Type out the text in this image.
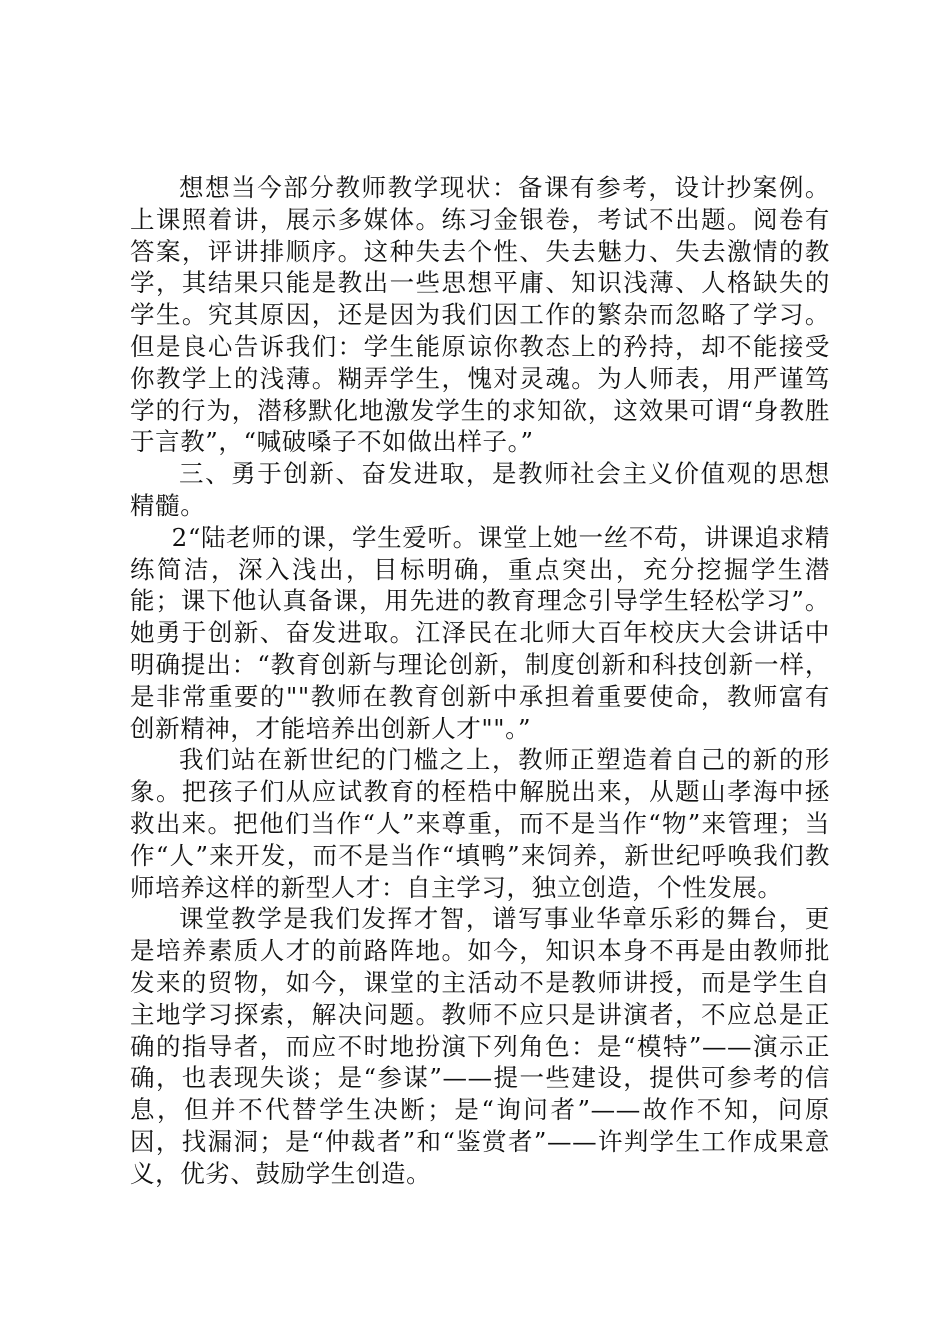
想想当今部分教师教学现状：备课有参考，设计抄案例。上课照着讲，展示多媒体。练习金银卷，考试不出题。阅卷有答案，评讲排顺序。这种失去个性、失去魅力、失去激情的教学，其结果只能是教出一些思想平庸、知识浅薄、人格缺失的学生。究其原因，还是因为我们因工作的繁杂而忽略了学习。但是良心告诉我们：学生能原谅你教态上的矜持，却不能接受你教学上的浅薄。糊弄学生，愧对灵魂。为人师表，用严谨笃学的行为，潜移默化地激发学生的求知欲，这效果可谓“身教胜于言教”，“喊破嗓子不如做出样子。”

三、勇于创新、奋发进取，是教师社会主义价值观的思想精髓。

2“陆老师的课，学生爱听。课堂上她一丝不苟，讲课追求精练简洁，深入浅出，目标明确，重点突出，充分挖掘学生潜能；课下他认真备课，用先进的教育理念引导学生轻松学习”。她勇于创新、奋发进取。江泽民在北师大百年校庆大会讲话中明确提出：“教育创新与理论创新，制度创新和科技创新一样，是非常重要的""教师在教育创新中承担着重要使命，教师富有创新精神，才能培养出创新人才""。”

我们站在新世纪的门槛之上，教师正塑造着自己的新的形象。把孩子们从应试教育的桎梏中解脱出来，从题山孝海中拯救出来。把他们当作“人”来尊重，而不是当作“物”来管理；当作“人”来开发，而不是当作“填鸭”来饲养，新世纪呼唤我们教师培养这样的新型人才：自主学习，独立创造，个性发展。

课堂教学是我们发挥才智，谱写事业华章乐彩的舞台，更是培养素质人才的前路阵地。如今，知识本身不再是由教师批发来的贸物，如今，课堂的主活动不是教师讲授，而是学生自主地学习探索，解决问题。教师不应只是讲演者，不应总是正确的指导者，而应不时地扮演下列角色：是“模特”——演示正确，也表现失谈；是“参谋”——提一些建设，提供可参考的信息，但并不代替学生决断；是“询问者”——故作不知，问原因，找漏洞；是“仲裁者”和“鉴赏者”——许判学生工作成果意义，优劣、鼓励学生创造。
